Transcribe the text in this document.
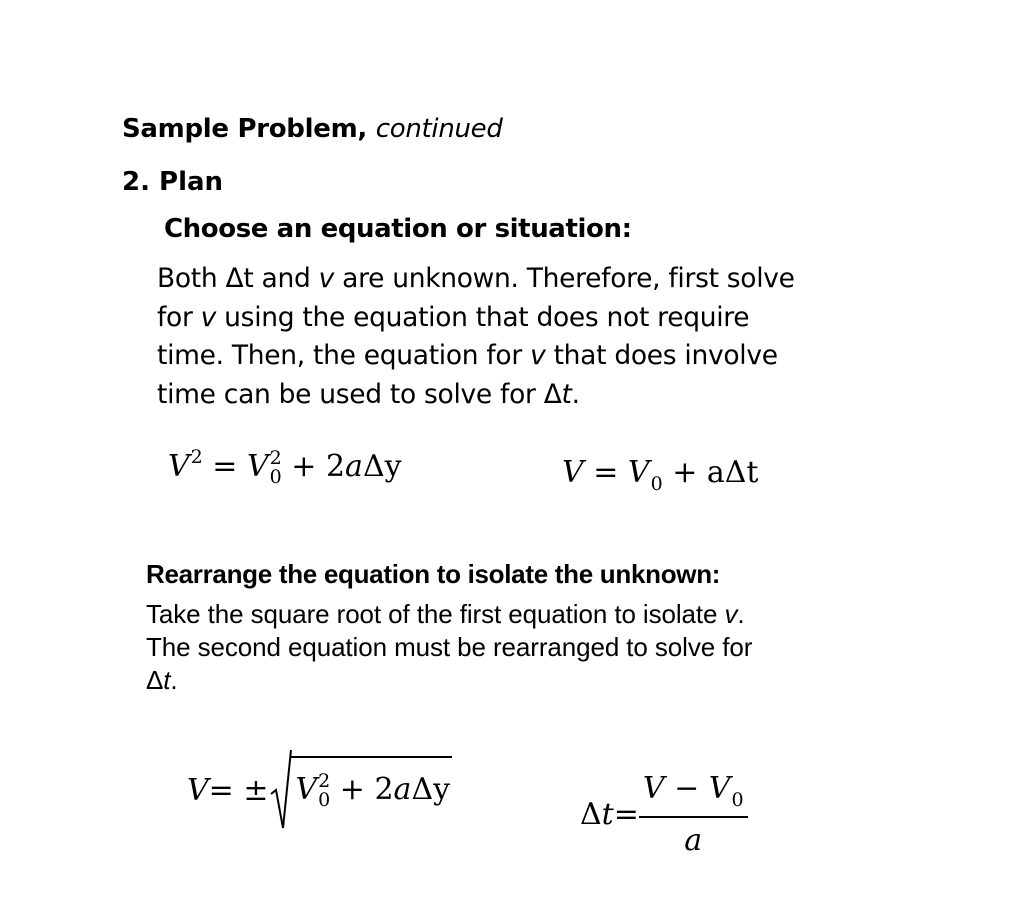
Sample Problem, continued
2. Plan
Choose an equation or situation:
Both Δt and v are unknown. Therefore, first solve
for v using the equation that does not require
time. Then, the equation for v that does involve
time can be used to solve for Δt.
$V^2 = V$ 2
0 + 2aΔy	$V = V_0 + a\Delta t$
Rearrange the equation to isolate the unknown:
Take the square root of the first equation to isolate v.
The second equation must be rearranged to solve for
Δt.
V = ± V 2
0 + 2aΔy
Δ $t = \frac{V - V_0}{a}$
